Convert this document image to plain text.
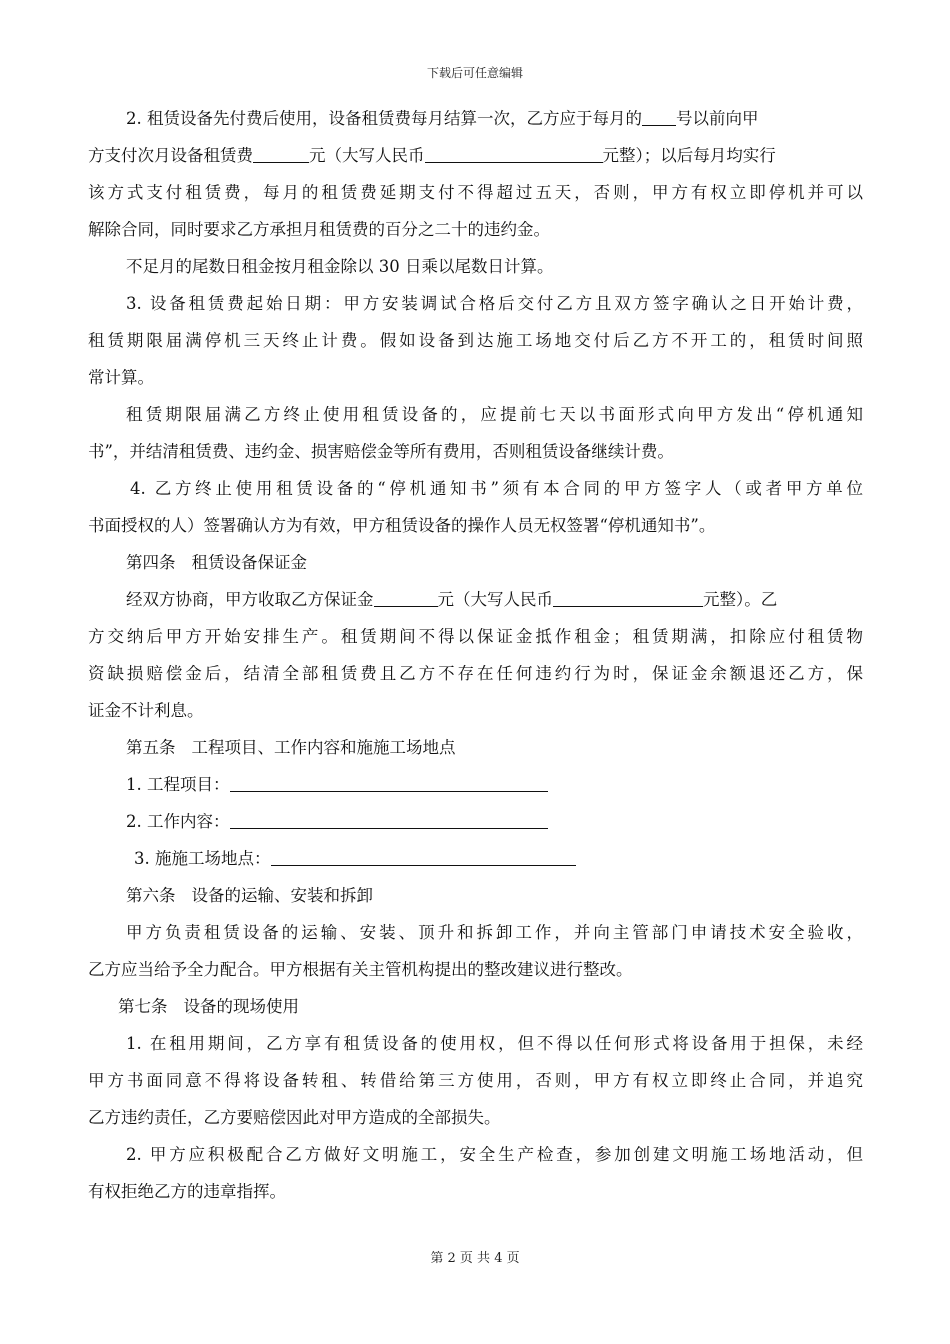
下载后可任意编辑
2. 租赁设备先付费后使用，设备租赁费每月结算一次，乙方应于每月的 号以前向甲
方支付次月设备租赁费	元（大写人民币	元整）；以后每月均实行
该方式支付租赁费，每月的租赁费延期支付不得超过五天，否则，甲方有权立即停机并可以
解除合同，同时要求乙方承担月租赁费的百分之二十的违约金。
不足月的尾数日租金按月租金除以 30 日乘以尾数日计算。
3. 设备租赁费起始日期：甲方安装调试合格后交付乙方且双方签字确认之日开始计费，
租赁期限届满停机三天终止计费。假如设备到达施工场地交付后乙方不开工的，租赁时间照
常计算。
租赁期限届满乙方终止使用租赁设备的，应提前七天以书面形式向甲方发出“停机通知
书”，并结清租赁费、违约金、损害赔偿金等所有费用，否则租赁设备继续计费。
4. 乙方终止使用租赁设备的“停机通知书”须有本合同的甲方签字人（或者甲方单位
书面授权的人）签署确认方为有效，甲方租赁设备的操作人员无权签署“停机通知书”。
第四条 租赁设备保证金
经双方协商，甲方收取乙方保证金	元（大写人民币	元整）。乙
方交纳后甲方开始安排生产。租赁期间不得以保证金抵作租金；租赁期满，扣除应付租赁物
资缺损赔偿金后，结清全部租赁费且乙方不存在任何违约行为时，保证金余额退还乙方，保
证金不计利息。
第五条 工程项目、工作内容和施施工场地点
1. 工程项目：
2. 工作内容：
3. 施施工场地点：
第六条 设备的运输、安装和拆卸
甲方负责租赁设备的运输、安装、顶升和拆卸工作，并向主管部门申请技术安全验收，
乙方应当给予全力配合。甲方根据有关主管机构提出的整改建议进行整改。
第七条 设备的现场使用
1. 在租用期间，乙方享有租赁设备的使用权，但不得以任何形式将设备用于担保，未经
甲方书面同意不得将设备转租、转借给第三方使用，否则，甲方有权立即终止合同，并追究
乙方违约责任，乙方要赔偿因此对甲方造成的全部损失。
2. 甲方应积极配合乙方做好文明施工，安全生产检查，参加创建文明施工场地活动，但
有权拒绝乙方的违章指挥。
第 2 页 共 4 页
